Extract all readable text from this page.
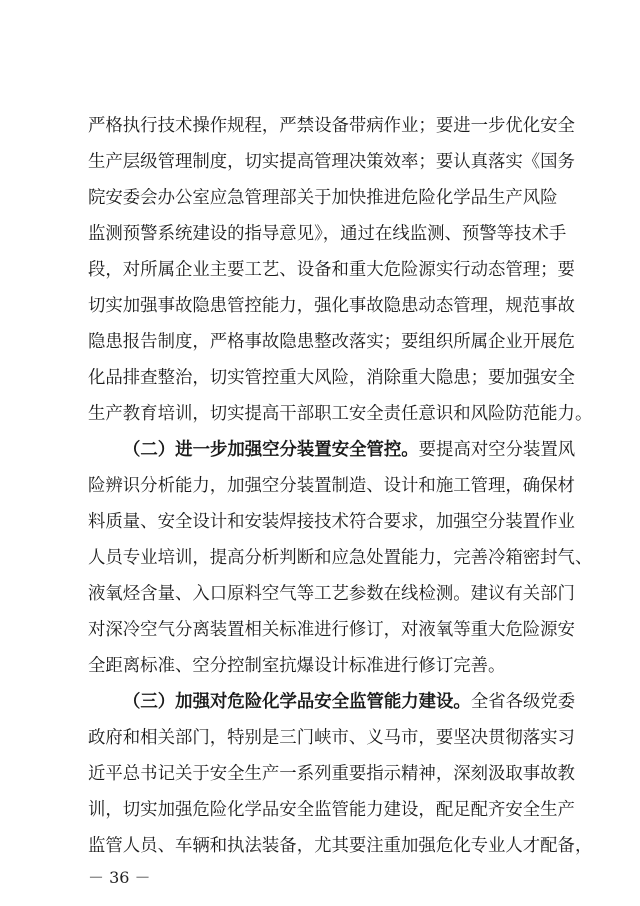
严格执行技术操作规程，严禁设备带病作业；要进一步优化安全
生产层级管理制度，切实提高管理决策效率；要认真落实《国务
院安委会办公室应急管理部关于加快推进危险化学品生产风险
监测预警系统建设的指导意见》，通过在线监测、预警等技术手
段，对所属企业主要工艺、设备和重大危险源实行动态管理；要
切实加强事故隐患管控能力，强化事故隐患动态管理，规范事故
隐患报告制度，严格事故隐患整改落实；要组织所属企业开展危
化品排查整治，切实管控重大风险，消除重大隐患；要加强安全
生产教育培训，切实提高干部职工安全责任意识和风险防范能力。
（二）进一步加强空分装置安全管控。要提高对空分装置风
险辨识分析能力，加强空分装置制造、设计和施工管理，确保材
料质量、安全设计和安装焊接技术符合要求，加强空分装置作业
人员专业培训，提高分析判断和应急处置能力，完善冷箱密封气、
液氧烃含量、入口原料空气等工艺参数在线检测。建议有关部门
对深冷空气分离装置相关标准进行修订，对液氧等重大危险源安
全距离标准、空分控制室抗爆设计标准进行修订完善。
（三）加强对危险化学品安全监管能力建设。全省各级党委
政府和相关部门，特别是三门峡市、义马市，要坚决贯彻落实习
近平总书记关于安全生产一系列重要指示精神，深刻汲取事故教
训，切实加强危险化学品安全监管能力建设，配足配齐安全生产
监管人员、车辆和执法装备，尤其要注重加强危化专业人才配备，
－ 36 －
